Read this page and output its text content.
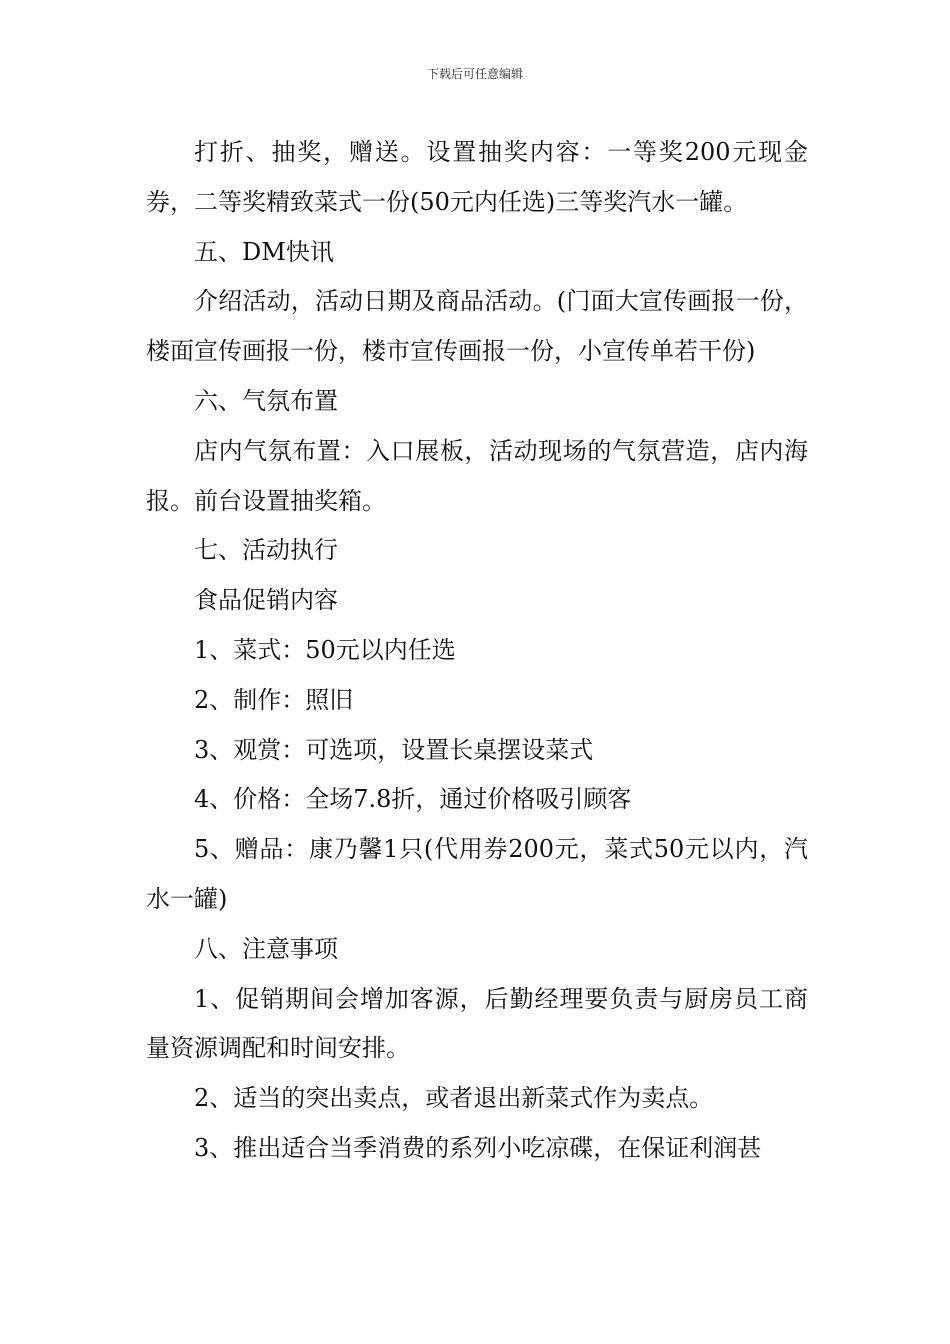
下载后可任意编辑

打折、抽奖，赠送。设置抽奖内容：一等奖200元现金券，二等奖精致菜式一份(50元内任选)三等奖汽水一罐。

五、DM快讯

介绍活动，活动日期及商品活动。(门面大宣传画报一份，楼面宣传画报一份，楼市宣传画报一份，小宣传单若干份)

六、气氛布置

店内气氛布置：入口展板，活动现场的气氛营造，店内海报。前台设置抽奖箱。

七、活动执行

食品促销内容

1、菜式：50元以内任选

2、制作：照旧

3、观赏：可选项，设置长桌摆设菜式

4、价格：全场7.8折，通过价格吸引顾客

5、赠品：康乃馨1只(代用券200元，菜式50元以内，汽水一罐)

八、注意事项

1、促销期间会增加客源，后勤经理要负责与厨房员工商量资源调配和时间安排。

2、适当的突出卖点，或者退出新菜式作为卖点。

3、推出适合当季消费的系列小吃凉碟，在保证利润甚
